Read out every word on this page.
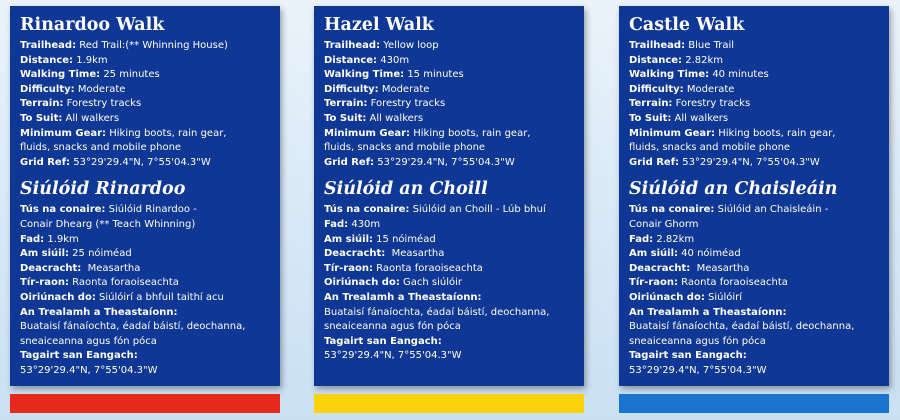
Rinardoo Walk
Trailhead: Red Trail:(** Whinning House)
Distance: 1.9km
Walking Time: 25 minutes
Difficulty: Moderate
Terrain: Forestry tracks
To Suit: All walkers
Minimum Gear: Hiking boots, rain gear,
fluids, snacks and mobile phone
Grid Ref: 53°29'29.4"N, 7°55'04.3"W
Siúlóid Rinardoo
Tús na conaire: Siúlóid Rinardoo -
Conair Dhearg (** Teach Whinning)
Fad: 1.9km
Am siúil: 25 nóiméad
Deacracht:  Measartha
Tír-raon: Raonta foraoiseachta
Oiriúnach do: Siúlóirí a bhfuil taithí acu
An Trealamh a Theastaíonn:
Buataisí fánaíochta, éadaí báistí, deochanna,
sneaiceanna agus fón póca
Tagairt san Eangach:
53°29'29.4"N, 7°55'04.3"W
Hazel Walk
Trailhead: Yellow loop
Distance: 430m
Walking Time: 15 minutes
Difficulty: Moderate
Terrain: Forestry tracks
To Suit: All walkers
Minimum Gear: Hiking boots, rain gear,
fluids, snacks and mobile phone
Grid Ref: 53°29'29.4"N, 7°55'04.3"W
Siúlóid an Choill
Tús na conaire: Siúlóid an Choill - Lúb bhuí
Fad: 430m
Am siúil: 15 nóiméad
Deacracht:  Measartha
Tír-raon: Raonta foraoiseachta
Oiriúnach do: Gach siúlóir
An Trealamh a Theastaíonn:
Buataisí fánaíochta, éadaí báistí, deochanna,
sneaiceanna agus fón póca
Tagairt san Eangach:
53°29'29.4"N, 7°55'04.3"W
Castle Walk
Trailhead: Blue Trail
Distance: 2.82km
Walking Time: 40 minutes
Difficulty: Moderate
Terrain: Forestry tracks
To Suit: All walkers
Minimum Gear: Hiking boots, rain gear,
fluids, snacks and mobile phone
Grid Ref: 53°29'29.4"N, 7°55'04.3"W
Siúlóid an Chaisleáin
Tús na conaire: Siúlóid an Chaisleáin -
Conair Ghorm
Fad: 2.82km
Am siúil: 40 nóiméad
Deacracht:  Measartha
Tír-raon: Raonta foraoiseachta
Oiriúnach do: Siúlóirí
An Trealamh a Theastaíonn:
Buataisí fánaíochta, éadaí báistí, deochanna,
sneaiceanna agus fón póca
Tagairt san Eangach:
53°29'29.4"N, 7°55'04.3"W
